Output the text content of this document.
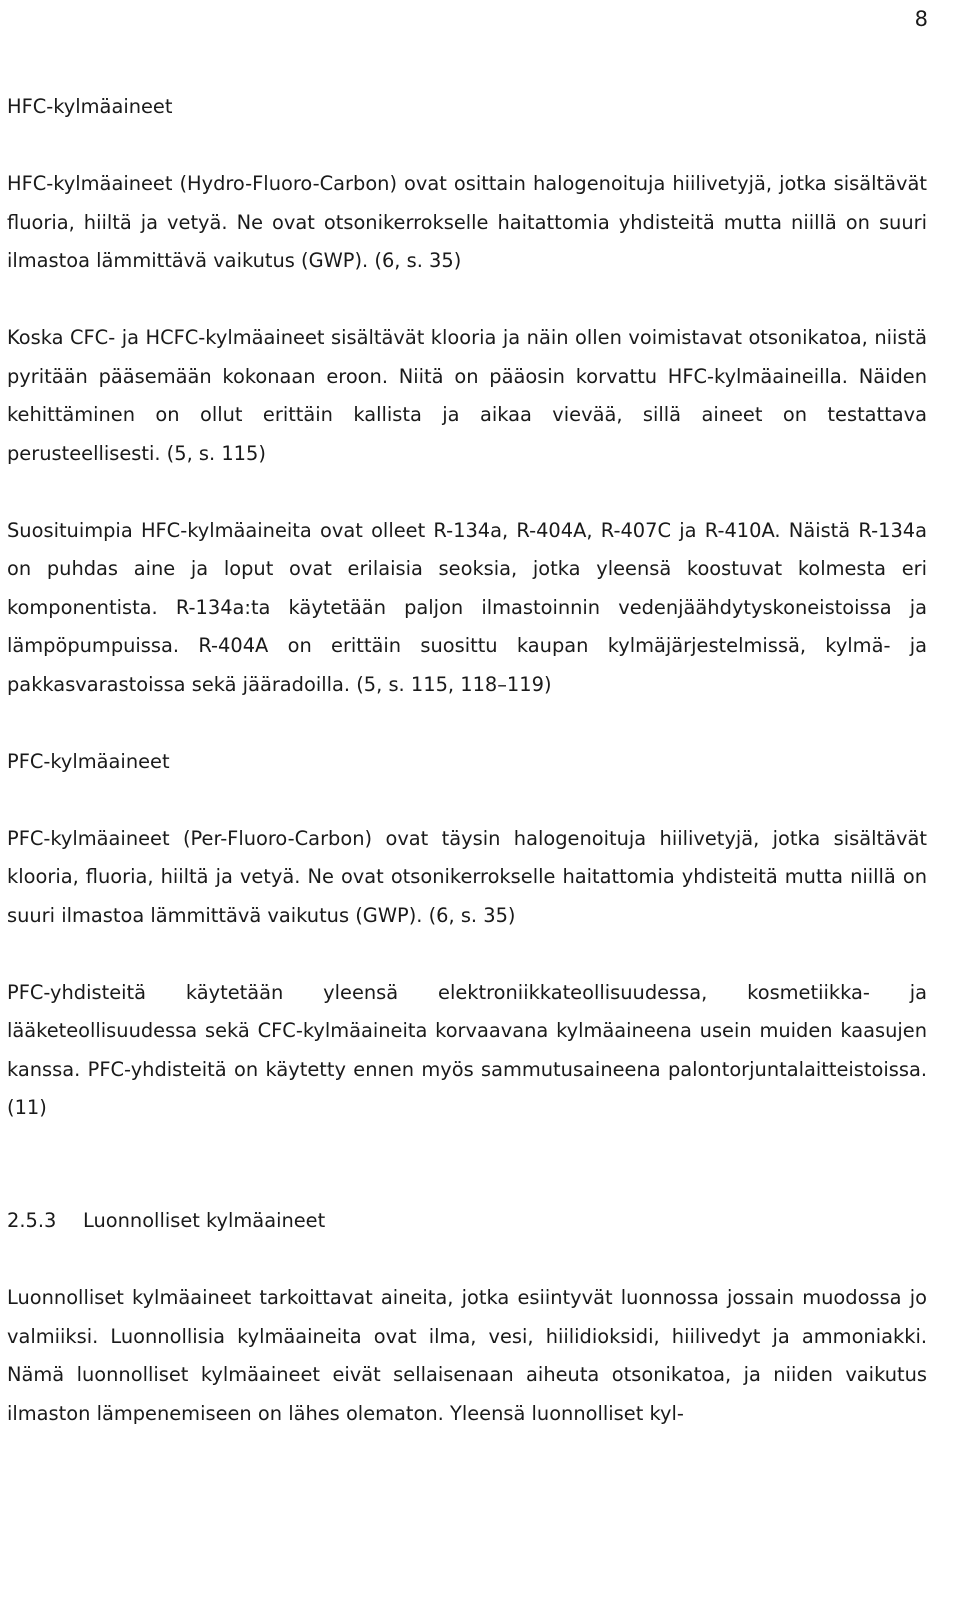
8
HFC-kylmäaineet

HFC-kylmäaineet (Hydro-Fluoro-Carbon) ovat osittain halogenoituja hiilivetyjä, jotka sisältävät fluoria, hiiltä ja vetyä. Ne ovat otsonikerrokselle haitattomia yhdisteitä mutta niillä on suuri ilmastoa lämmittävä vaikutus (GWP). (6, s. 35)

Koska CFC- ja HCFC-kylmäaineet sisältävät klooria ja näin ollen voimistavat otsonikatoa, niistä pyritään pääsemään kokonaan eroon. Niitä on pääosin korvattu HFC-kylmäaineilla. Näiden kehittäminen on ollut erittäin kallista ja aikaa vievää, sillä aineet on testattava perusteellisesti. (5, s. 115)

Suosituimpia HFC-kylmäaineita ovat olleet R-134a, R-404A, R-407C ja R-410A. Näistä R-134a on puhdas aine ja loput ovat erilaisia seoksia, jotka yleensä koostuvat kolmesta eri komponentista. R-134a:ta käytetään paljon ilmastoinnin vedenjäähdytyskoneistoissa ja lämpöpumpuissa. R-404A on erittäin suosittu kaupan kylmäjärjestelmissä, kylmä- ja pakkasvarastoissa sekä jääradoilla. (5, s. 115, 118–119)

PFC-kylmäaineet

PFC-kylmäaineet (Per-Fluoro-Carbon) ovat täysin halogenoituja hiilivetyjä, jotka sisältävät klooria, fluoria, hiiltä ja vetyä. Ne ovat otsonikerrokselle haitattomia yhdisteitä mutta niillä on suuri ilmastoa lämmittävä vaikutus (GWP). (6, s. 35)

PFC-yhdisteitä käytetään yleensä elektroniikkateollisuudessa, kosmetiikka- ja lääketeollisuudessa sekä CFC-kylmäaineita korvaavana kylmäaineena usein muiden kaasujen kanssa. PFC-yhdisteitä on käytetty ennen myös sammutusaineena palontorjuntalaitteistoissa. (11)

2.5.3 Luonnolliset kylmäaineet

Luonnolliset kylmäaineet tarkoittavat aineita, jotka esiintyvät luonnossa jossain muodossa jo valmiiksi. Luonnollisia kylmäaineita ovat ilma, vesi, hiilidioksidi, hiilivedyt ja ammoniakki. Nämä luonnolliset kylmäaineet eivät sellaisenaan aiheuta otsonikatoa, ja niiden vaikutus ilmaston lämpenemiseen on lähes olematon. Yleensä luonnolliset kyl-
